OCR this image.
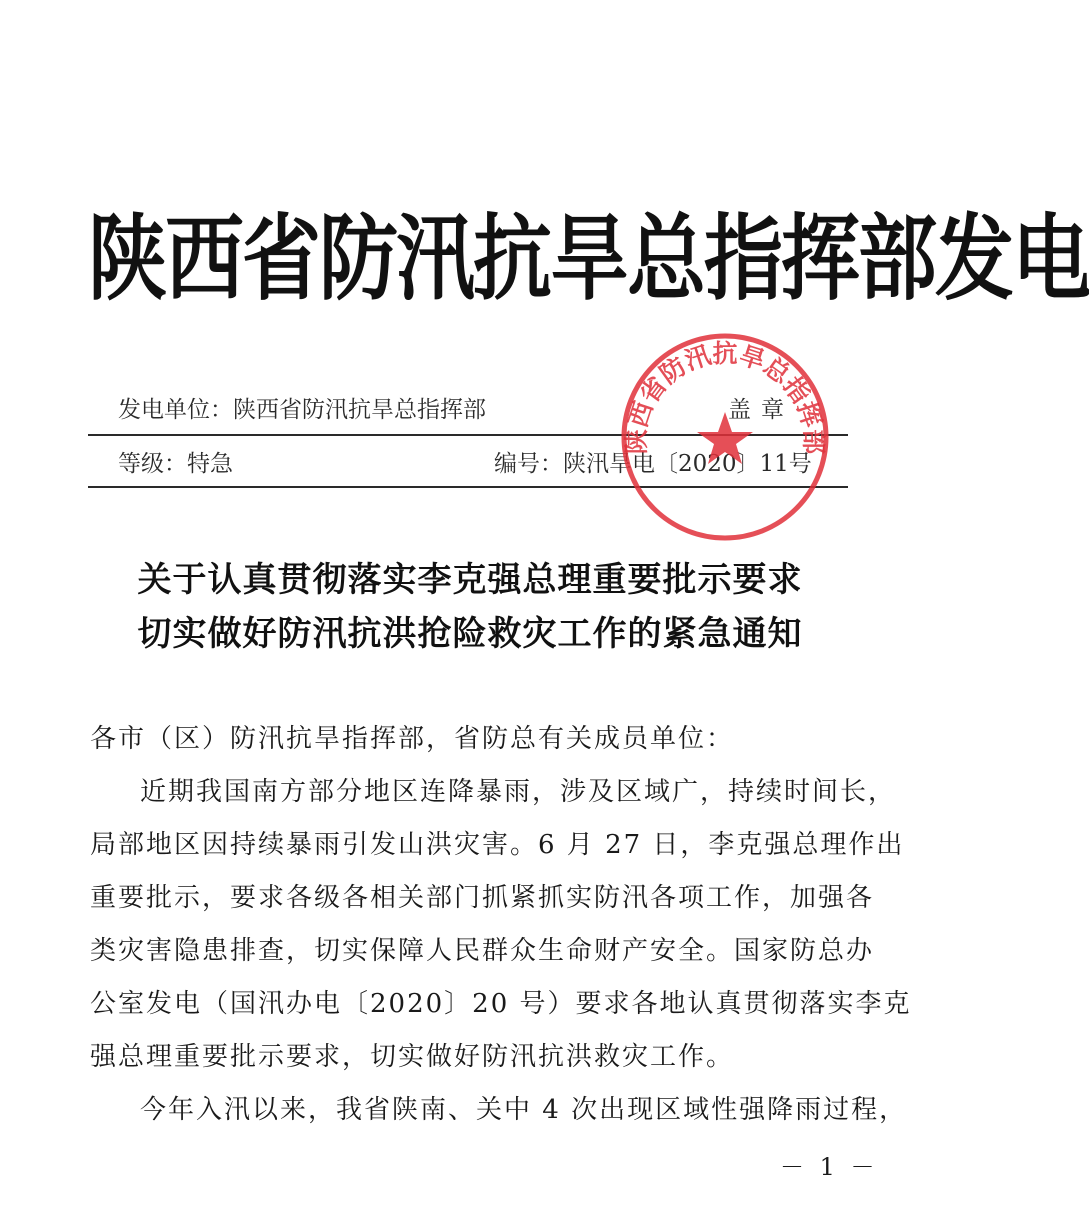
陕西省防汛抗旱总指挥部发电
发电单位：陕西省防汛抗旱总指挥部	盖章
等级：特急	编号：陕汛旱电〔2020〕11号
陕西省防汛抗旱总指挥部
关于认真贯彻落实李克强总理重要批示要求
切实做好防汛抗洪抢险救灾工作的紧急通知
各市（区）防汛抗旱指挥部，省防总有关成员单位：
近期我国南方部分地区连降暴雨，涉及区域广，持续时间长，
局部地区因持续暴雨引发山洪灾害。6 月 27 日，李克强总理作出
重要批示，要求各级各相关部门抓紧抓实防汛各项工作，加强各
类灾害隐患排查，切实保障人民群众生命财产安全。国家防总办
公室发电（国汛办电〔2020〕20 号）要求各地认真贯彻落实李克
强总理重要批示要求，切实做好防汛抗洪救灾工作。
今年入汛以来，我省陕南、关中 4 次出现区域性强降雨过程，
－ 1 －
